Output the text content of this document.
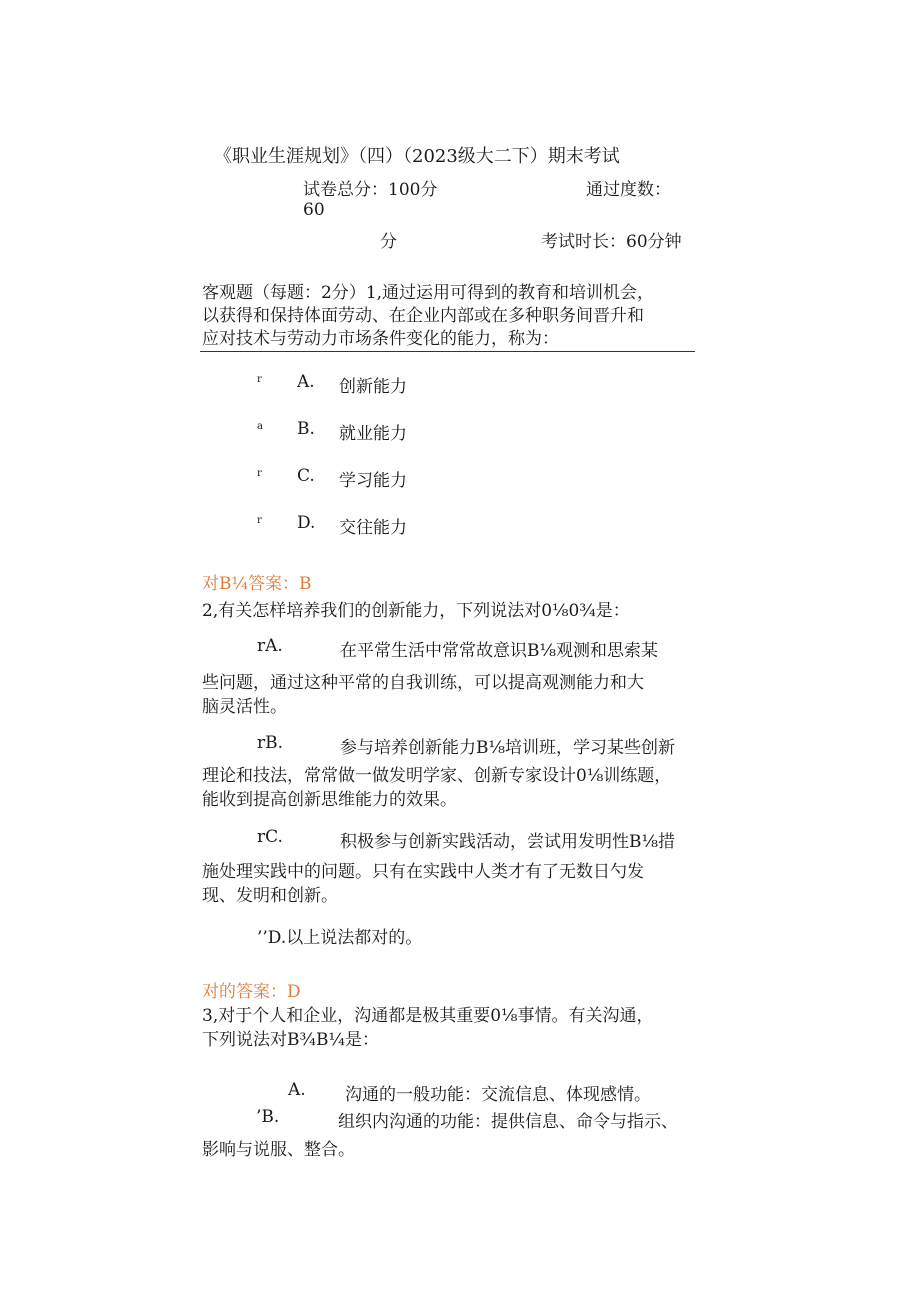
《职业生涯规划》（四）（2023级大二下）期末考试
试卷总分：100分	通过度数：
60
分	考试时长：60分钟
客观题（每题：2分）1,通过运用可得到的教育和培训机会，
以获得和保持体面劳动、在企业内部或在多种职务间晋升和
应对技术与劳动力市场条件变化的能力，称为：
r A. 创新能力
a B. 就业能力
r C. 学习能力
r D. 交往能力
对B¼答案：B
2,有关怎样培养我们的创新能力，下列说法对0⅛0¾是：
rA.	在平常生活中常常故意识B⅛观测和思索某
些问题，通过这种平常的自我训练，可以提高观测能力和大
脑灵活性。
rB.	参与培养创新能力B⅛培训班，学习某些创新
理论和技法，常常做一做发明学家、创新专家设计0⅛训练题，
能收到提高创新思维能力的效果。
rC.	积极参与创新实践活动，尝试用发明性B⅛措
施处理实践中的问题。只有在实践中人类才有了无数日勺发
现、发明和创新。
’’D.以上说法都对的。
对的答案：D
3,对于个人和企业，沟通都是极其重要0⅛事情。有关沟通，
下列说法对B¾B¼是：
A. 沟通的一般功能：交流信息、体现感情。
’B.	组织内沟通的功能：提供信息、命令与指示、
影响与说服、整合。
